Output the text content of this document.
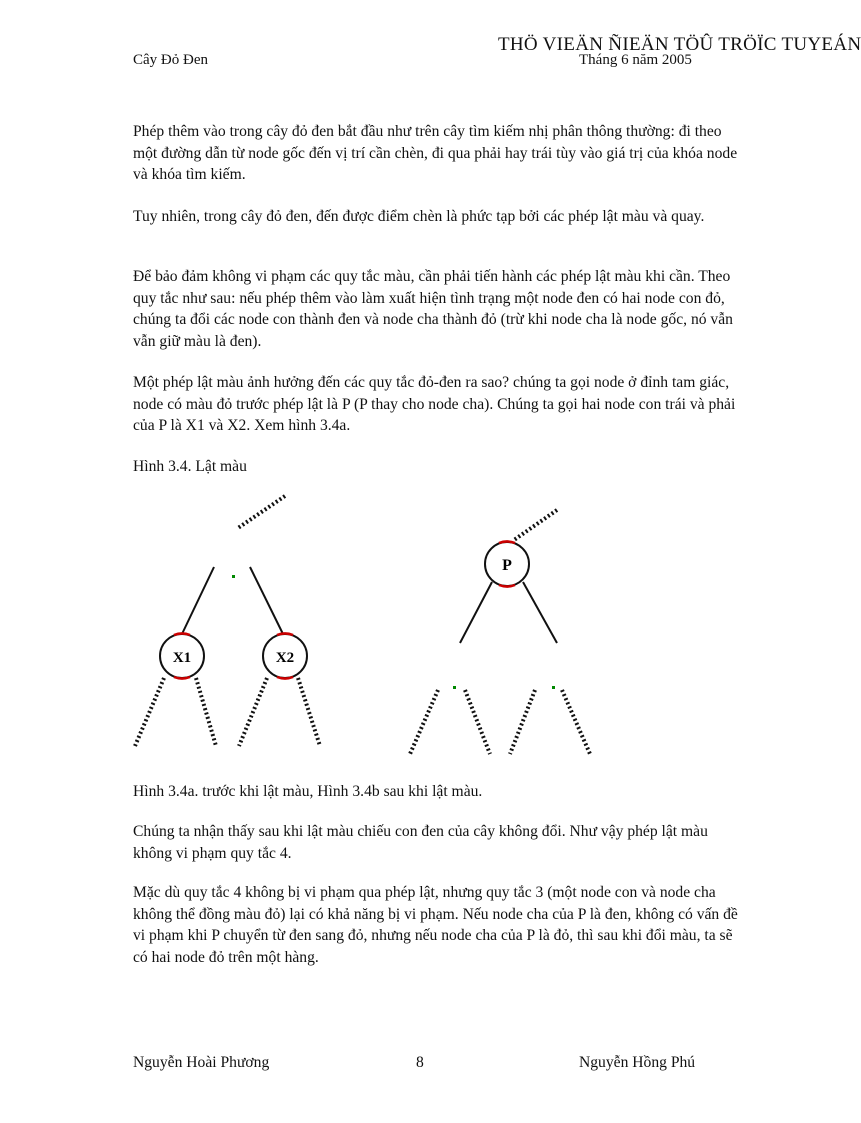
Cây Đỏ Đen
THÖ VIEÄN ÑIEÄN TÖÛ TRÖÏC TUYEÁN
Tháng 6 năm 2005

Phép thêm vào trong cây đỏ đen bắt đầu như trên cây tìm kiếm nhị phân thông thường: đi theo một đường dẫn từ node gốc đến vị trí cần chèn, đi qua phải hay trái tùy vào giá trị của khóa node và khóa tìm kiếm.

Tuy nhiên, trong cây đỏ đen, đến được điểm chèn là phức tạp bởi các phép lật màu và quay.

Để bảo đảm không vi phạm các quy tắc màu, cần phải tiến hành các phép lật màu khi cần. Theo quy tắc như sau: nếu phép thêm vào làm xuất hiện tình trạng một node đen có hai node con đỏ, chúng ta đổi các node con thành đen và node cha thành đỏ (trừ khi node cha là node gốc, nó vẫn vẫn giữ màu là đen).

Một phép lật màu ảnh hưởng đến các quy tắc đỏ-đen ra sao? chúng ta gọi node ở đỉnh tam giác, node có màu đỏ trước phép lật là P (P thay cho node cha). Chúng ta gọi hai node con trái và phải của P là X1 và X2. Xem hình 3.4a.

Hình 3.4. Lật màu

X1	X2
P

Hình 3.4a. trước khi lật màu, Hình 3.4b sau khi lật màu.

Chúng ta nhận thấy sau khi lật màu chiếu con đen của cây không đổi. Như vậy phép lật màu không vi phạm quy tắc 4.

Mặc dù quy tắc 4 không bị vi phạm qua phép lật, nhưng quy tắc 3 (một node con và node cha không thể đồng màu đỏ) lại có khả năng bị vi phạm. Nếu node cha của P là đen, không có vấn đề vi phạm khi P chuyển từ đen sang đỏ, nhưng nếu node cha của P là đỏ, thì sau khi đổi màu, ta sẽ có hai node đỏ trên một hàng.

Nguyễn Hoài Phương	8	Nguyễn Hồng Phú
